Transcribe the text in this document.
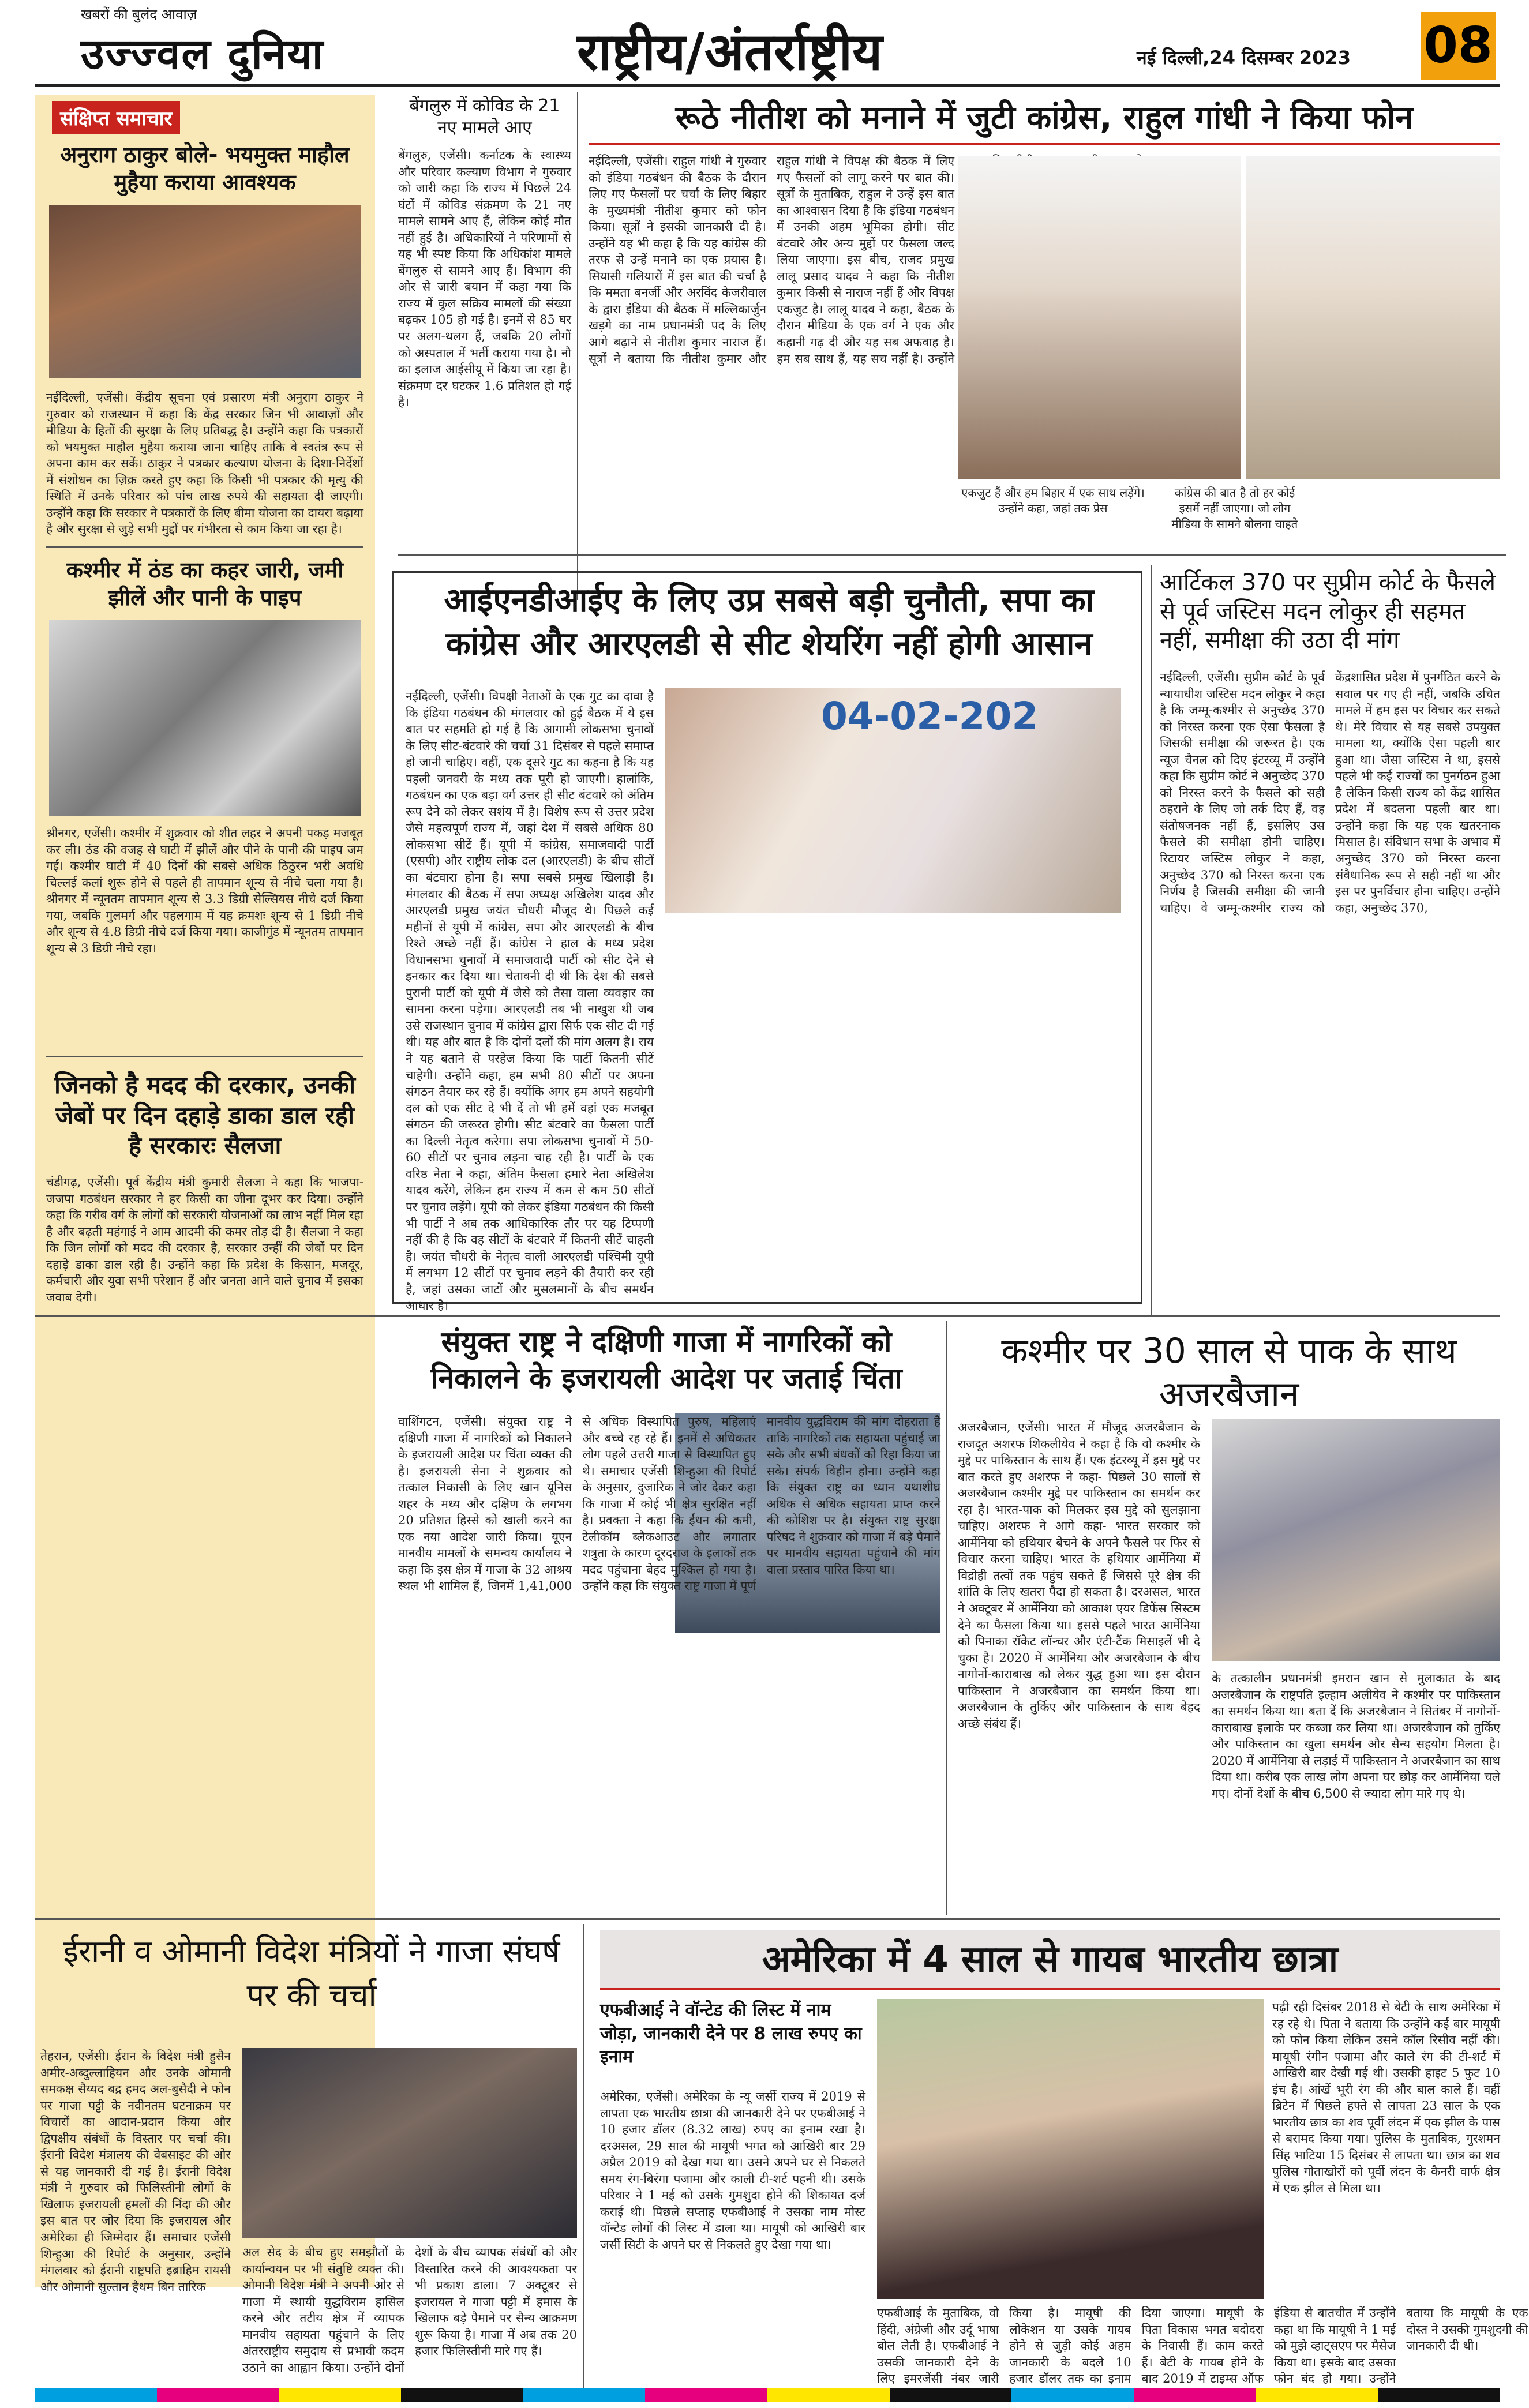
खबरों की बुलंद आवाज़
उज्ज्वल दुनिया	राष्ट्रीय/अंतर्राष्ट्रीय	नई दिल्ली,24 दिसम्बर 2023 08
संक्षिप्त समाचार
अनुराग ठाकुर बोले- भयमुक्त माहौल मुहैया कराया आवश्यक
नईदिल्ली, एजेंसी। केंद्रीय सूचना एवं प्रसारण मंत्री अनुराग ठाकुर ने गुरुवार को राजस्थान में कहा कि केंद्र सरकार जिन भी आवाज़ों और मीडिया के हितों की सुरक्षा के लिए प्रतिबद्ध है। उन्होंने कहा कि पत्रकारों को भयमुक्त माहौल मुहैया कराया जाना चाहिए ताकि वे स्वतंत्र रूप से अपना काम कर सकें। ठाकुर ने पत्रकार कल्याण योजना के दिशा-निर्देशों में संशोधन का ज़िक्र करते हुए कहा कि किसी भी पत्रकार की मृत्यु की स्थिति में उनके परिवार को पांच लाख रुपये की सहायता दी जाएगी। उन्होंने कहा कि सरकार ने पत्रकारों के लिए बीमा योजना का दायरा बढ़ाया है और सुरक्षा से जुड़े सभी मुद्दों पर गंभीरता से काम किया जा रहा है।
कश्मीर में ठंड का कहर जारी, जमी झीलें और पानी के पाइप
श्रीनगर, एजेंसी। कश्मीर में शुक्रवार को शीत लहर ने अपनी पकड़ मजबूत कर ली। ठंड की वजह से घाटी में झीलें और पीने के पानी की पाइप जम गईं। कश्मीर घाटी में 40 दिनों की सबसे अधिक ठिठुरन भरी अवधि चिल्लई कलां शुरू होने से पहले ही तापमान शून्य से नीचे चला गया है। श्रीनगर में न्यूनतम तापमान शून्य से 3.3 डिग्री सेल्सियस नीचे दर्ज किया गया, जबकि गुलमर्ग और पहलगाम में यह क्रमशः शून्य से 1 डिग्री नीचे और शून्य से 4.8 डिग्री नीचे दर्ज किया गया। काजीगुंड में न्यूनतम तापमान शून्य से 3 डिग्री नीचे रहा।
जिनको है मदद की दरकार, उनकी जेबों पर दिन दहाड़े डाका डाल रही है सरकारः सैलजा
चंडीगढ़, एजेंसी। पूर्व केंद्रीय मंत्री कुमारी सैलजा ने कहा कि भाजपा-जजपा गठबंधन सरकार ने हर किसी का जीना दूभर कर दिया। उन्होंने कहा कि गरीब वर्ग के लोगों को सरकारी योजनाओं का लाभ नहीं मिल रहा है और बढ़ती महंगाई ने आम आदमी की कमर तोड़ दी है। सैलजा ने कहा कि जिन लोगों को मदद की दरकार है, सरकार उन्हीं की जेबों पर दिन दहाड़े डाका डाल रही है। उन्होंने कहा कि प्रदेश के किसान, मजदूर, कर्मचारी और युवा सभी परेशान हैं और जनता आने वाले चुनाव में इसका जवाब देगी।
बेंगलुरु में कोविड के 21 नए मामले आए
बेंगलुरु, एजेंसी। कर्नाटक के स्वास्थ्य और परिवार कल्याण विभाग ने गुरुवार को जारी कहा कि राज्य में पिछले 24 घंटों में कोविड संक्रमण के 21 नए मामले सामने आए हैं, लेकिन कोई मौत नहीं हुई है। अधिकारियों ने परिणामों से यह भी स्पष्ट किया कि अधिकांश मामले बेंगलुरु से सामने आए हैं। विभाग की ओर से जारी बयान में कहा गया कि राज्य में कुल सक्रिय मामलों की संख्या बढ़कर 105 हो गई है। इनमें से 85 घर पर अलग-थलग हैं, जबकि 20 लोगों को अस्पताल में भर्ती कराया गया है। नौ का इलाज आईसीयू में किया जा रहा है। संक्रमण दर घटकर 1.6 प्रतिशत हो गई है।
रूठे नीतीश को मनाने में जुटी कांग्रेस, राहुल गांधी ने किया फोन
नईदिल्ली, एजेंसी। राहुल गांधी ने गुरुवार को इंडिया गठबंधन की बैठक के दौरान लिए गए फैसलों पर चर्चा के लिए बिहार के मुख्यमंत्री नीतीश कुमार को फोन किया। सूत्रों ने इसकी जानकारी दी है। उन्होंने यह भी कहा है कि यह कांग्रेस की तरफ से उन्हें मनाने का एक प्रयास है। सियासी गलियारों में इस बात की चर्चा है कि ममता बनर्जी और अरविंद केजरीवाल के द्वारा इंडिया की बैठक में मल्लिकार्जुन खड़गे का नाम प्रधानमंत्री पद के लिए आगे बढ़ाने से नीतीश कुमार नाराज हैं। सूत्रों ने बताया कि नीतीश कुमार और राहुल गांधी ने विपक्ष की बैठक में लिए गए फैसलों को लागू करने पर बात की। सूत्रों के मुताबिक, राहुल ने उन्हें इस बात का आश्वासन दिया है कि इंडिया गठबंधन में उनकी अहम भूमिका होगी। सीट बंटवारे और अन्य मुद्दों पर फैसला जल्द लिया जाएगा। इस बीच, राजद प्रमुख लालू प्रसाद यादव ने कहा कि नीतीश कुमार किसी से नाराज नहीं हैं और विपक्ष एकजुट है। लालू यादव ने कहा, बैठक के दौरान मीडिया के एक वर्ग ने एक और कहानी गढ़ दी और यह सब अफवाह है। हम सब साथ हैं, यह सच नहीं है। उन्होंने
एकजुट हैं और हम बिहार में एक साथ लड़ेंगे। उन्होंने कहा, जहां तक प्रेस
कांग्रेस की बात है तो हर कोई इसमें नहीं जाएगा। जो लोग मीडिया के सामने बोलना चाहते
आईएनडीआईए के लिए उप्र सबसे बड़ी चुनौती, सपा का कांग्रेस और आरएलडी से सीट शेयरिंग नहीं होगी आसान
04-02-202
नईदिल्ली, एजेंसी। विपक्षी नेताओं के एक गुट का दावा है कि इंडिया गठबंधन की मंगलवार को हुई बैठक में ये इस बात पर सहमति हो गई है कि आगामी लोकसभा चुनावों के लिए सीट-बंटवारे की चर्चा 31 दिसंबर से पहले समाप्त हो जानी चाहिए। वहीं, एक दूसरे गुट का कहना है कि यह पहली जनवरी के मध्य तक पूरी हो जाएगी। हालांकि, गठबंधन का एक बड़ा वर्ग उत्तर ही सीट बंटवारे को अंतिम रूप देने को लेकर सशंय में है। विशेष रूप से उत्तर प्रदेश जैसे महत्वपूर्ण राज्य में, जहां देश में सबसे अधिक 80 लोकसभा सीटें हैं। यूपी में कांग्रेस, समाजवादी पार्टी (एसपी) और राष्ट्रीय लोक दल (आरएलडी) के बीच सीटों का बंटवारा होना है। सपा सबसे प्रमुख खिलाड़ी है। मंगलवार की बैठक में सपा अध्यक्ष अखिलेश यादव और आरएलडी प्रमुख जयंत चौधरी मौजूद थे। पिछले कई महीनों से यूपी में कांग्रेस, सपा और आरएलडी के बीच रिश्ते अच्छे नहीं हैं। कांग्रेस ने हाल के मध्य प्रदेश विधानसभा चुनावों में समाजवादी पार्टी को सीट देने से इनकार कर दिया था। चेतावनी दी थी कि देश की सबसे पुरानी पार्टी को यूपी में जैसे को तैसा वाला व्यवहार का सामना करना पड़ेगा। आरएलडी तब भी नाखुश थी जब उसे राजस्थान चुनाव में कांग्रेस द्वारा सिर्फ एक सीट दी गई थी। यह और बात है कि दोनों दलों की मांग अलग है। राय ने यह बताने से परहेज किया कि पार्टी कितनी सीटें चाहेगी। उन्होंने कहा, हम सभी 80 सीटों पर अपना संगठन तैयार कर रहे हैं। क्योंकि अगर हम अपने सहयोगी दल को एक सीट दे भी दें तो भी हमें वहां एक मजबूत संगठन की जरूरत होगी। सीट बंटवारे का फैसला पार्टी का दिल्ली नेतृत्व करेगा। सपा लोकसभा चुनावों में 50-60 सीटों पर चुनाव लड़ना चाह रही है। पार्टी के एक वरिष्ठ नेता ने कहा, अंतिम फैसला हमारे नेता अखिलेश यादव करेंगे, लेकिन हम राज्य में कम से कम 50 सीटों पर चुनाव लड़ेंगे। यूपी को लेकर इंडिया गठबंधन की किसी भी पार्टी ने अब तक आधिकारिक तौर पर यह टिप्पणी नहीं की है कि वह सीटों के बंटवारे में कितनी सीटें चाहती है। जयंत चौधरी के नेतृत्व वाली आरएलडी पश्चिमी यूपी में लगभग 12 सीटों पर चुनाव लड़ने की तैयारी कर रही है, जहां उसका जाटों और मुसलमानों के बीच समर्थन आधार है।
आर्टिकल 370 पर सुप्रीम कोर्ट के फैसले से पूर्व जस्टिस मदन लोकुर ही सहमत नहीं, समीक्षा की उठा दी मांग
नईदिल्ली, एजेंसी। सुप्रीम कोर्ट के पूर्व न्यायाधीश जस्टिस मदन लोकुर ने कहा है कि जम्मू-कश्मीर से अनुच्छेद 370 को निरस्त करना एक ऐसा फैसला है जिसकी समीक्षा की जरूरत है। एक न्यूज चैनल को दिए इंटरव्यू में उन्होंने कहा कि सुप्रीम कोर्ट ने अनुच्छेद 370 को निरस्त करने के फैसले को सही ठहराने के लिए जो तर्क दिए हैं, वह संतोषजनक नहीं हैं, इसलिए उस फैसले की समीक्षा होनी चाहिए। रिटायर जस्टिस लोकुर ने कहा, अनुच्छेद 370 को निरस्त करना एक निर्णय है जिसकी समीक्षा की जानी चाहिए। वे जम्मू-कश्मीर राज्य को केंद्रशासित प्रदेश में पुनर्गठित करने के सवाल पर गए ही नहीं, जबकि उचित मामले में हम इस पर विचार कर सकते थे। मेरे विचार से यह सबसे उपयुक्त मामला था, क्योंकि ऐसा पहली बार हुआ था। जैसा जस्टिस ने था, इससे पहले भी कई राज्यों का पुनर्गठन हुआ है लेकिन किसी राज्य को केंद्र शासित प्रदेश में बदलना पहली बार था। उन्होंने कहा कि यह एक खतरनाक मिसाल है। संविधान सभा के अभाव में अनुच्छेद 370 को निरस्त करना संवैधानिक रूप से सही नहीं था और इस पर पुनर्विचार होना चाहिए। उन्होंने कहा, अनुच्छेद 370,
संयुक्त राष्ट्र ने दक्षिणी गाजा में नागरिकों को निकालने के इजरायली आदेश पर जताई चिंता
वाशिंगटन, एजेंसी। संयुक्त राष्ट्र ने दक्षिणी गाजा में नागरिकों को निकालने के इजरायली आदेश पर चिंता व्यक्त की है। इजरायली सेना ने शुक्रवार को तत्काल निकासी के लिए खान यूनिस शहर के मध्य और दक्षिण के लगभग 20 प्रतिशत हिस्से को खाली करने का एक नया आदेश जारी किया। यूएन मानवीय मामलों के समन्वय कार्यालय ने कहा कि इस क्षेत्र में गाजा के 32 आश्रय स्थल भी शामिल हैं, जिनमें 1,41,000 से अधिक विस्थापित पुरुष, महिलाएं और बच्चे रह रहे हैं। इनमें से अधिकतर लोग पहले उत्तरी गाजा से विस्थापित हुए थे। समाचार एजेंसी शिन्हुआ की रिपोर्ट के अनुसार, दुजारिक ने जोर देकर कहा कि गाजा में कोई भी क्षेत्र सुरक्षित नहीं है। प्रवक्ता ने कहा कि ईंधन की कमी, टेलीकॉम ब्लैकआउट और लगातार शत्रुता के कारण दूरदराज के इलाकों तक मदद पहुंचाना बेहद मुश्किल हो गया है। उन्होंने कहा कि संयुक्त राष्ट्र गाजा में पूर्ण मानवीय युद्धविराम की मांग दोहराता है ताकि नागरिकों तक सहायता पहुंचाई जा सके और सभी बंधकों को रिहा किया जा सके। संपर्क विहीन होना। उन्होंने कहा कि संयुक्त राष्ट्र का ध्यान यथाशीघ्र अधिक से अधिक सहायता प्राप्त करने की कोशिश पर है। संयुक्त राष्ट्र सुरक्षा परिषद ने शुक्रवार को गाजा में बड़े पैमाने पर मानवीय सहायता पहुंचाने की मांग वाला प्रस्ताव पारित किया था।
कश्मीर पर 30 साल से पाक के साथ अजरबैजान
अजरबैजान, एजेंसी। भारत में मौजूद अजरबैजान के राजदूत अशरफ शिकलीयेव ने कहा है कि वो कश्मीर के मुद्दे पर पाकिस्तान के साथ हैं। एक इंटरव्यू में इस मुद्दे पर बात करते हुए अशरफ ने कहा- पिछले 30 सालों से अजरबैजान कश्मीर मुद्दे पर पाकिस्तान का समर्थन कर रहा है। भारत-पाक को मिलकर इस मुद्दे को सुलझाना चाहिए। अशरफ ने आगे कहा- भारत सरकार को आर्मेनिया को हथियार बेचने के अपने फैसले पर फिर से विचार करना चाहिए। भारत के हथियार आर्मेनिया में विद्रोही तत्वों तक पहुंच सकते हैं जिससे पूरे क्षेत्र की शांति के लिए खतरा पैदा हो सकता है। दरअसल, भारत ने अक्टूबर में आर्मेनिया को आकाश एयर डिफेंस सिस्टम देने का फैसला किया था। इससे पहले भारत आर्मेनिया को पिनाका रॉकेट लॉन्चर और एंटी-टैंक मिसाइलें भी दे चुका है। 2020 में आर्मेनिया और अजरबैजान के बीच नागोर्नो-काराबाख को लेकर युद्ध हुआ था। इस दौरान पाकिस्तान ने अजरबैजान का समर्थन किया था। अजरबैजान के तुर्किए और पाकिस्तान के साथ बेहद अच्छे संबंध हैं।
के तत्कालीन प्रधानमंत्री इमरान खान से मुलाकात के बाद अजरबैजान के राष्ट्रपति इल्हाम अलीयेव ने कश्मीर पर पाकिस्तान का समर्थन किया था। बता दें कि अजरबैजान ने सितंबर में नागोर्नो-काराबाख इलाके पर कब्जा कर लिया था। अजरबैजान को तुर्किए और पाकिस्तान का खुला समर्थन और सैन्य सहयोग मिलता है। 2020 में आर्मेनिया से लड़ाई में पाकिस्तान ने अजरबैजान का साथ दिया था। करीब एक लाख लोग अपना घर छोड़ कर आर्मेनिया चले गए। दोनों देशों के बीच 6,500 से ज्यादा लोग मारे गए थे।
ईरानी व ओमानी विदेश मंत्रियों ने गाजा संघर्ष पर की चर्चा
तेहरान, एजेंसी। ईरान के विदेश मंत्री हुसैन अमीर-अब्दुल्लाहियन और उनके ओमानी समकक्ष सैय्यद बद्र हमद अल-बुसैदी ने फोन पर गाजा पट्टी के नवीनतम घटनाक्रम पर विचारों का आदान-प्रदान किया और द्विपक्षीय संबंधों के विस्तार पर चर्चा की। ईरानी विदेश मंत्रालय की वेबसाइट की ओर से यह जानकारी दी गई है। ईरानी विदेश मंत्री ने गुरुवार को फिलिस्तीनी लोगों के खिलाफ इजरायली हमलों की निंदा की और इस बात पर जोर दिया कि इजरायल और अमेरिका ही जिम्मेदार हैं। समाचार एजेंसी शिन्हुआ की रिपोर्ट के अनुसार, उन्होंने मंगलवार को ईरानी राष्ट्रपति इब्राहिम रायसी और ओमानी सुल्तान हैथम बिन तारिक
अल सेद के बीच हुए समझौतों के कार्यान्वयन पर भी संतुष्टि व्यक्त की। ओमानी विदेश मंत्री ने अपनी ओर से गाजा में स्थायी युद्धविराम हासिल करने और तटीय क्षेत्र में व्यापक मानवीय सहायता पहुंचाने के लिए अंतरराष्ट्रीय समुदाय से प्रभावी कदम उठाने का आह्वान किया। उन्होंने दोनों देशों के बीच व्यापक संबंधों को और विस्तारित करने की आवश्यकता पर भी प्रकाश डाला। 7 अक्टूबर से इजरायल ने गाजा पट्टी में हमास के खिलाफ बड़े पैमाने पर सैन्य आक्रमण शुरू किया है। गाजा में अब तक 20 हजार फिलिस्तीनी मारे गए हैं।
अमेरिका में 4 साल से गायब भारतीय छात्रा
एफबीआई ने वॉन्टेड की लिस्ट में नाम जोड़ा, जानकारी देने पर 8 लाख रुपए का इनाम
अमेरिका, एजेंसी। अमेरिका के न्यू जर्सी राज्य में 2019 से लापता एक भारतीय छात्रा की जानकारी देने पर एफबीआई ने 10 हजार डॉलर (8.32 लाख) रुपए का इनाम रखा है। दरअसल, 29 साल की मायूषी भगत को आखिरी बार 29 अप्रैल 2019 को देखा गया था। उसने अपने घर से निकलते समय रंग-बिरंगा पजामा और काली टी-शर्ट पहनी थी। उसके परिवार ने 1 मई को उसके गुमशुदा होने की शिकायत दर्ज कराई थी। पिछले सप्ताह एफबीआई ने उसका नाम मोस्ट वॉन्टेड लोगों की लिस्ट में डाला था। मायूषी को आखिरी बार जर्सी सिटी के अपने घर से निकलते हुए देखा गया था।
एफबीआई के मुताबिक, वो हिंदी, अंग्रेजी और उर्दू भाषा बोल लेती है। एफबीआई ने उसकी जानकारी देने के लिए इमरजेंसी नंबर जारी किया है। मायूषी की लोकेशन या उसके गायब होने से जुड़ी कोई अहम जानकारी के बदले 10 हजार डॉलर तक का इनाम दिया जाएगा। मायूषी के पिता विकास भगत बदोदरा के निवासी हैं। काम करते हैं। बेटी के गायब होने के बाद 2019 में टाइम्स ऑफ इंडिया से बातचीत में उन्होंने कहा था कि मायूषी ने 1 मई को मुझे व्हाट्सएप पर मैसेज किया था। इसके बाद उसका फोन बंद हो गया। उन्होंने बताया कि मायूषी के एक दोस्त ने उसकी गुमशुदगी की जानकारी दी थी।
पढ़ी रही दिसंबर 2018 से बेटी के साथ अमेरिका में रह रहे थे। पिता ने बताया कि उन्होंने कई बार मायूषी को फोन किया लेकिन उसने कॉल रिसीव नहीं की। मायूषी रंगीन पजामा और काले रंग की टी-शर्ट में आखिरी बार देखी गई थी। उसकी हाइट 5 फुट 10 इंच है। आंखें भूरी रंग की और बाल काले हैं। वहीं ब्रिटेन में पिछले हफ्ते से लापता 23 साल के एक भारतीय छात्र का शव पूर्वी लंदन में एक झील के पास से बरामद किया गया। पुलिस के मुताबिक, गुरशमन सिंह भाटिया 15 दिसंबर से लापता था। छात्र का शव पुलिस गोताखोरों को पूर्वी लंदन के कैनरी वार्फ क्षेत्र में एक झील से मिला था।
